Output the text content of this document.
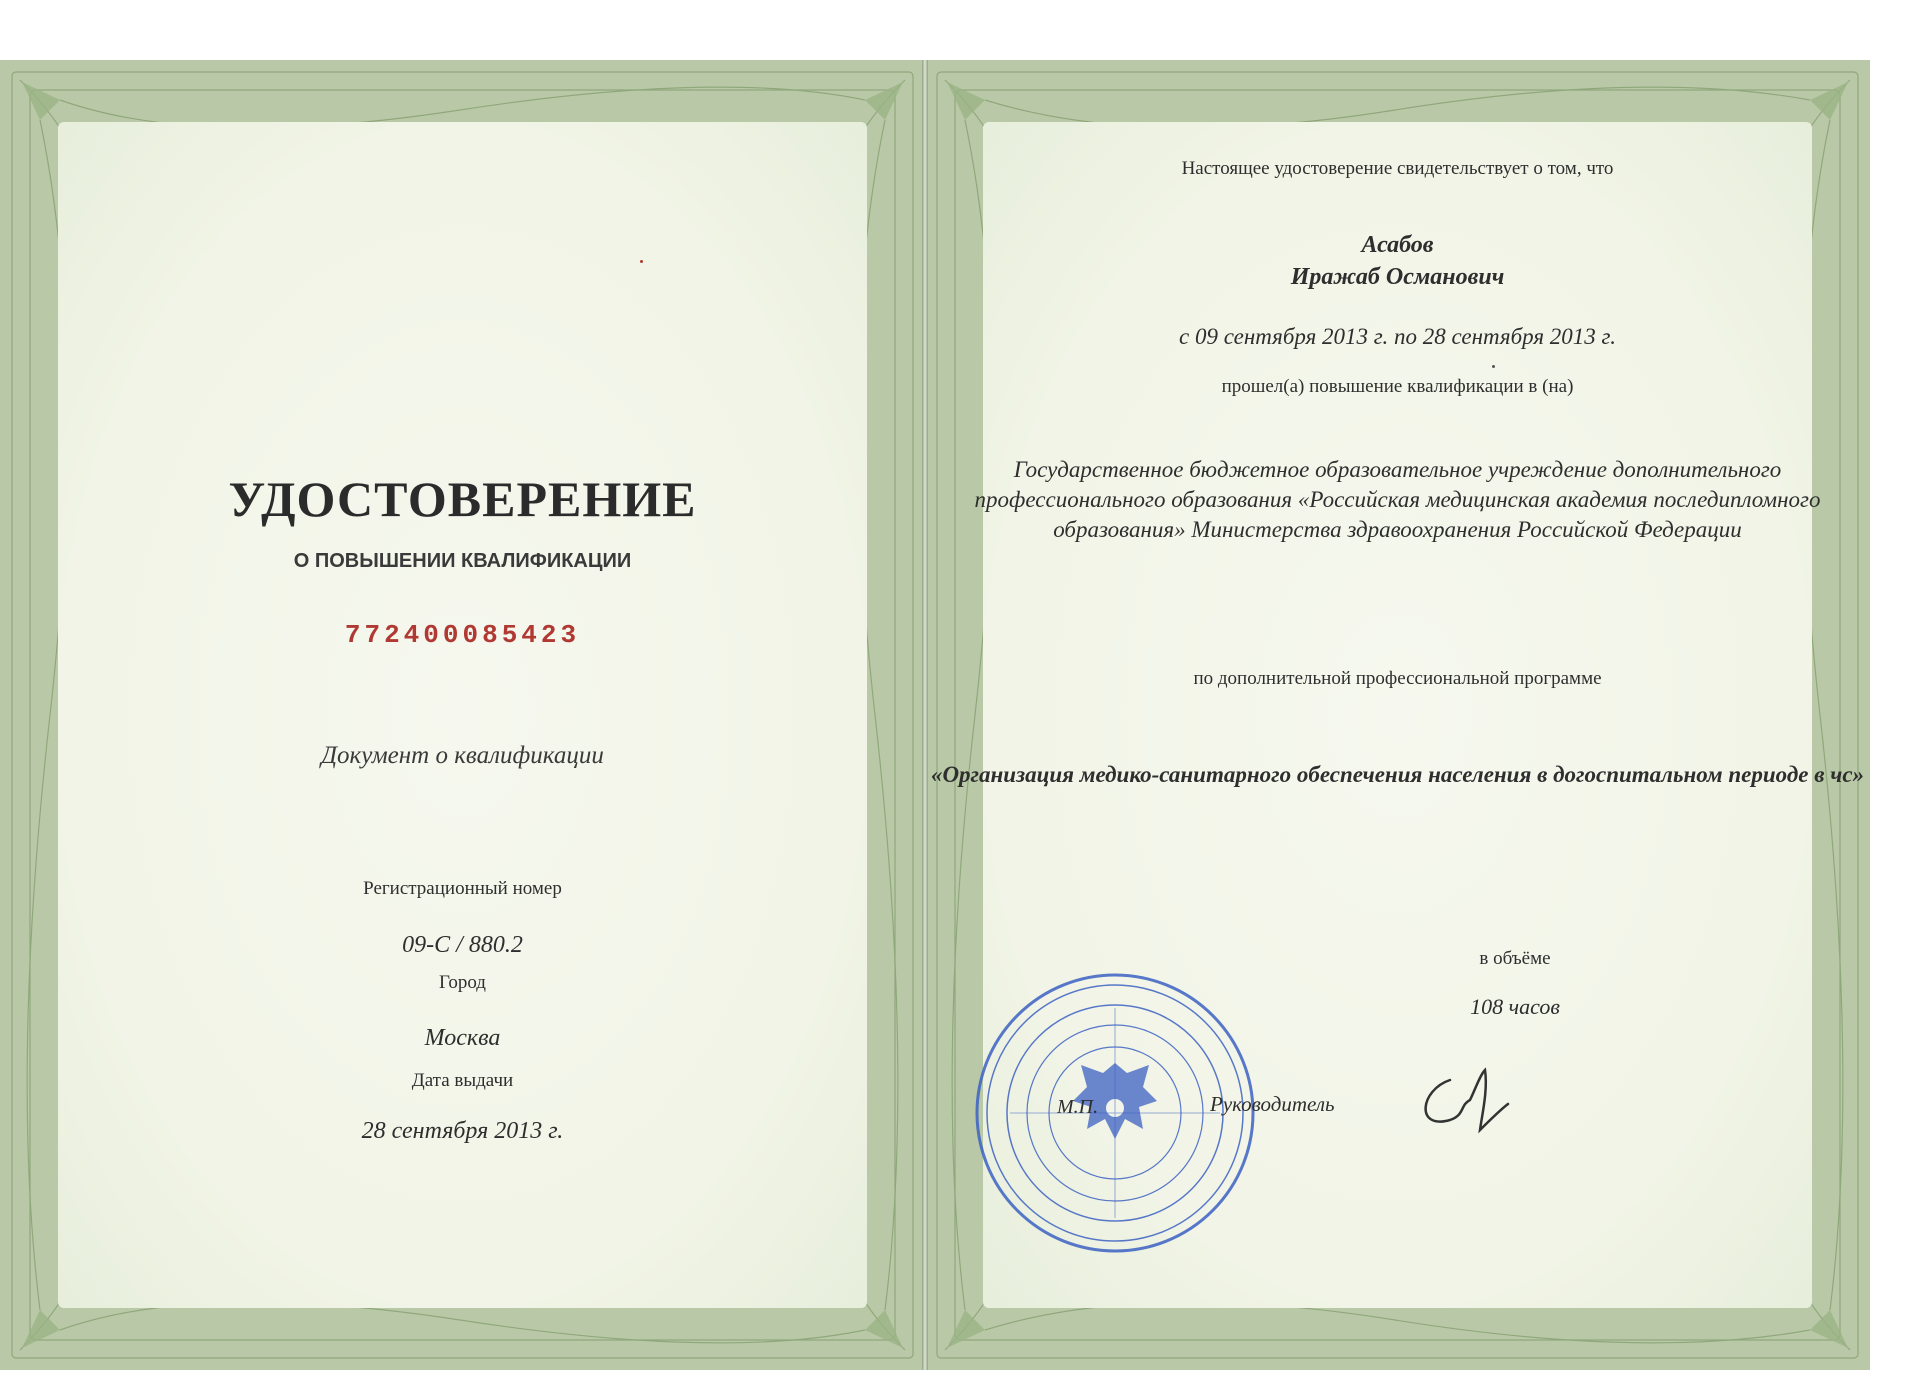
УДОСТОВЕРЕНИЕ
О ПОВЫШЕНИИ КВАЛИФИКАЦИИ
772400085423
Документ о квалификации
Регистрационный номер
09-С / 880.2
Город
Москва
Дата выдачи
28 сентября 2013 г.
Настоящее удостоверение свидетельствует о том, что
Асабов
Иражаб Османович
с 09 сентября 2013 г. по 28 сентября 2013 г.
прошел(а) повышение квалификации в (на)
Государственное бюджетное образовательное учреждение дополнительного профессионального образования «Российская медицинская академия последипломного образования» Министерства здравоохранения Российской Федерации
по дополнительной профессиональной программе
«Организация медико-санитарного обеспечения населения в догоспитальном периоде в чс»
в объёме
108 часов
М.П.	Руководитель
